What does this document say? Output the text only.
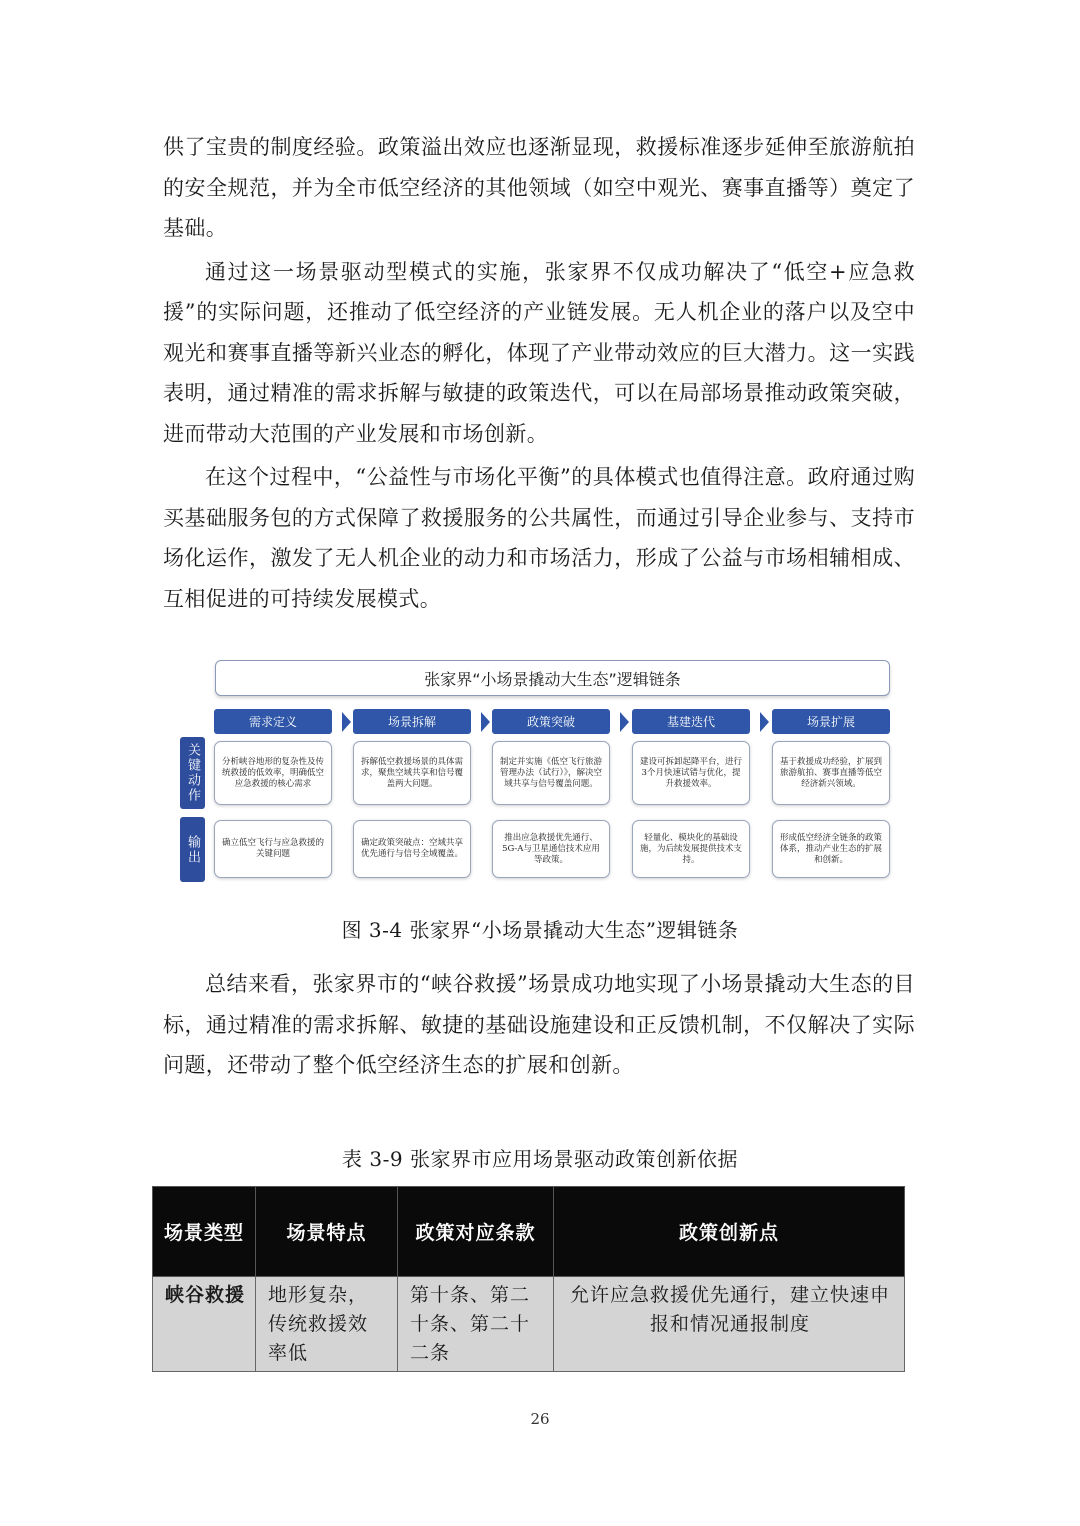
供了宝贵的制度经验。政策溢出效应也逐渐显现，救援标准逐步延伸至旅游航拍的安全规范，并为全市低空经济的其他领域（如空中观光、赛事直播等）奠定了基础。

通过这一场景驱动型模式的实施，张家界不仅成功解决了“低空+应急救援”的实际问题，还推动了低空经济的产业链发展。无人机企业的落户以及空中观光和赛事直播等新兴业态的孵化，体现了产业带动效应的巨大潜力。这一实践表明，通过精准的需求拆解与敏捷的政策迭代，可以在局部场景推动政策突破，进而带动大范围的产业发展和市场创新。

在这个过程中，“公益性与市场化平衡”的具体模式也值得注意。政府通过购买基础服务包的方式保障了救援服务的公共属性，而通过引导企业参与、支持市场化运作，激发了无人机企业的动力和市场活力，形成了公益与市场相辅相成、互相促进的可持续发展模式。

张家界“小场景撬动大生态”逻辑链条
关键动作
输出
需求定义	场景拆解	政策突破	基建迭代	场景扩展
分析峡谷地形的复杂性及传统救援的低效率，明确低空应急救援的核心需求
拆解低空救援场景的具体需求，聚焦空域共享和信号覆盖两大问题。
制定并实施《低空飞行旅游管理办法（试行）》，解决空域共享与信号覆盖问题。
建设可拆卸起降平台，进行3个月快速试错与优化，提升救援效率。
基于救援成功经验，扩展到旅游航拍、赛事直播等低空经济新兴领域。
确立低空飞行与应急救援的关键问题
确定政策突破点：空域共享优先通行与信号全域覆盖。
推出应急救援优先通行、5G-A与卫星通信技术应用等政策。
轻量化、模块化的基础设施，为后续发展提供技术支持。
形成低空经济全链条的政策体系，推动产业生态的扩展和创新。
图 3-4 张家界“小场景撬动大生态”逻辑链条

总结来看，张家界市的“峡谷救援”场景成功地实现了小场景撬动大生态的目标，通过精准的需求拆解、敏捷的基础设施建设和正反馈机制，不仅解决了实际问题，还带动了整个低空经济生态的扩展和创新。

表 3-9 张家界市应用场景驱动政策创新依据
场景类型	场景特点	政策对应条款	政策创新点
峡谷救援	地形复杂，传统救援效率低	第十条、第二十条、第二十二条	允许应急救援优先通行，建立快速申报和情况通报制度
26
